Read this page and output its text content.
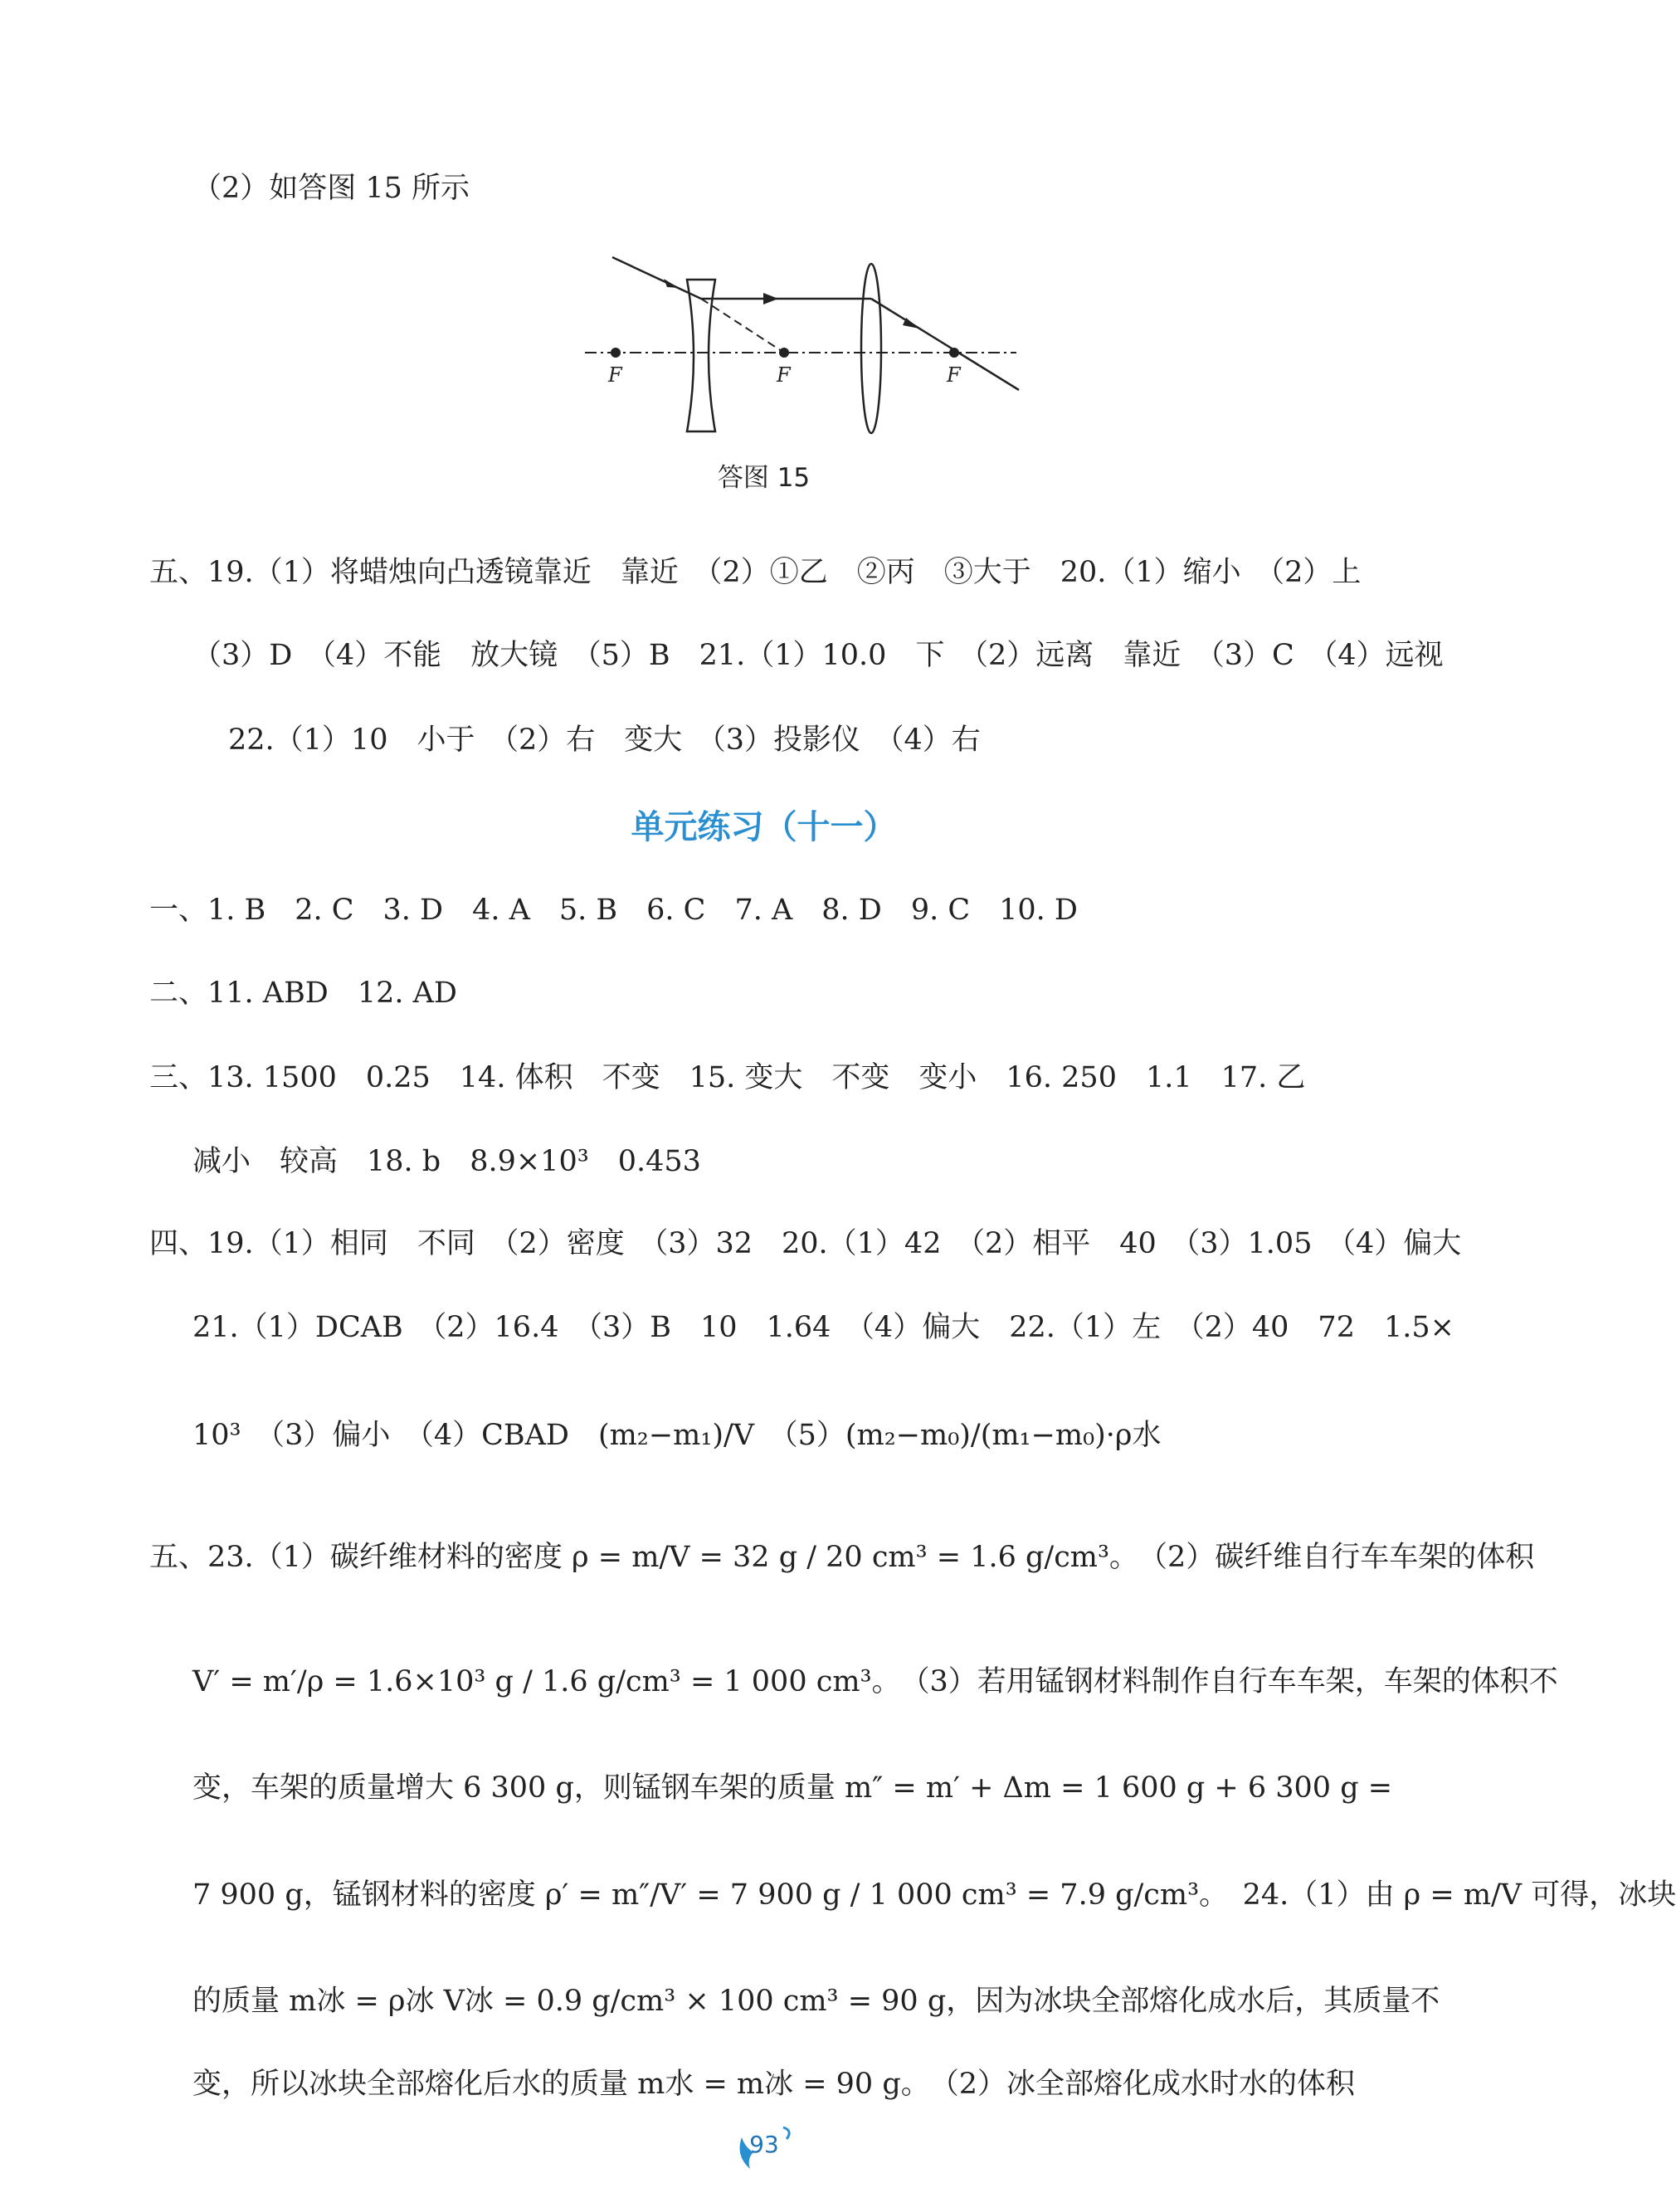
（2）如答图 15 所示
F	F	F
答图 15
五、19.（1）将蜡烛向凸透镜靠近　靠近　（2）①乙　②丙　③大于　20.（1）缩小　（2）上
（3）D　（4）不能　放大镜　（5）B　21.（1）10.0　下　（2）远离　靠近　（3）C　（4）远视
22.（1）10　小于　（2）右　变大　（3）投影仪　（4）右
单元练习（十一）
一、1. B　2. C　3. D　4. A　5. B　6. C　7. A　8. D　9. C　10. D
二、11. ABD　12. AD
三、13. 1500　0.25　14. 体积　不变　15. 变大　不变　变小　16. 250　1.1　17. 乙
减小　较高　18. b　8.9×10³　0.453
四、19.（1）相同　不同　（2）密度　（3）32　20.（1）42　（2）相平　40　（3）1.05　（4）偏大
21.（1）DCAB　（2）16.4　（3）B　10　1.64　（4）偏大　22.（1）左　（2）40　72　1.5×
10³　（3）偏小　（4）CBAD　(m₂−m₁)/V　（5）(m₂−m₀)/(m₁−m₀)·ρ水
五、23.（1）碳纤维材料的密度 ρ = m/V = 32 g / 20 cm³ = 1.6 g/cm³。　（2）碳纤维自行车车架的体积
V′ = m′/ρ = 1.6×10³ g / 1.6 g/cm³ = 1 000 cm³。　（3）若用锰钢材料制作自行车车架，车架的体积不
变，车架的质量增大 6 300 g，则锰钢车架的质量 m″ = m′ + Δm = 1 600 g + 6 300 g =
7 900 g，锰钢材料的密度 ρ′ = m″/V′ = 7 900 g / 1 000 cm³ = 7.9 g/cm³。　24.（1）由 ρ = m/V 可得，冰块
的质量 m冰 = ρ冰 V冰 = 0.9 g/cm³ × 100 cm³ = 90 g，因为冰块全部熔化成水后，其质量不
变，所以冰块全部熔化后水的质量 m水 = m冰 = 90 g。　（2）冰全部熔化成水时水的体积
93
